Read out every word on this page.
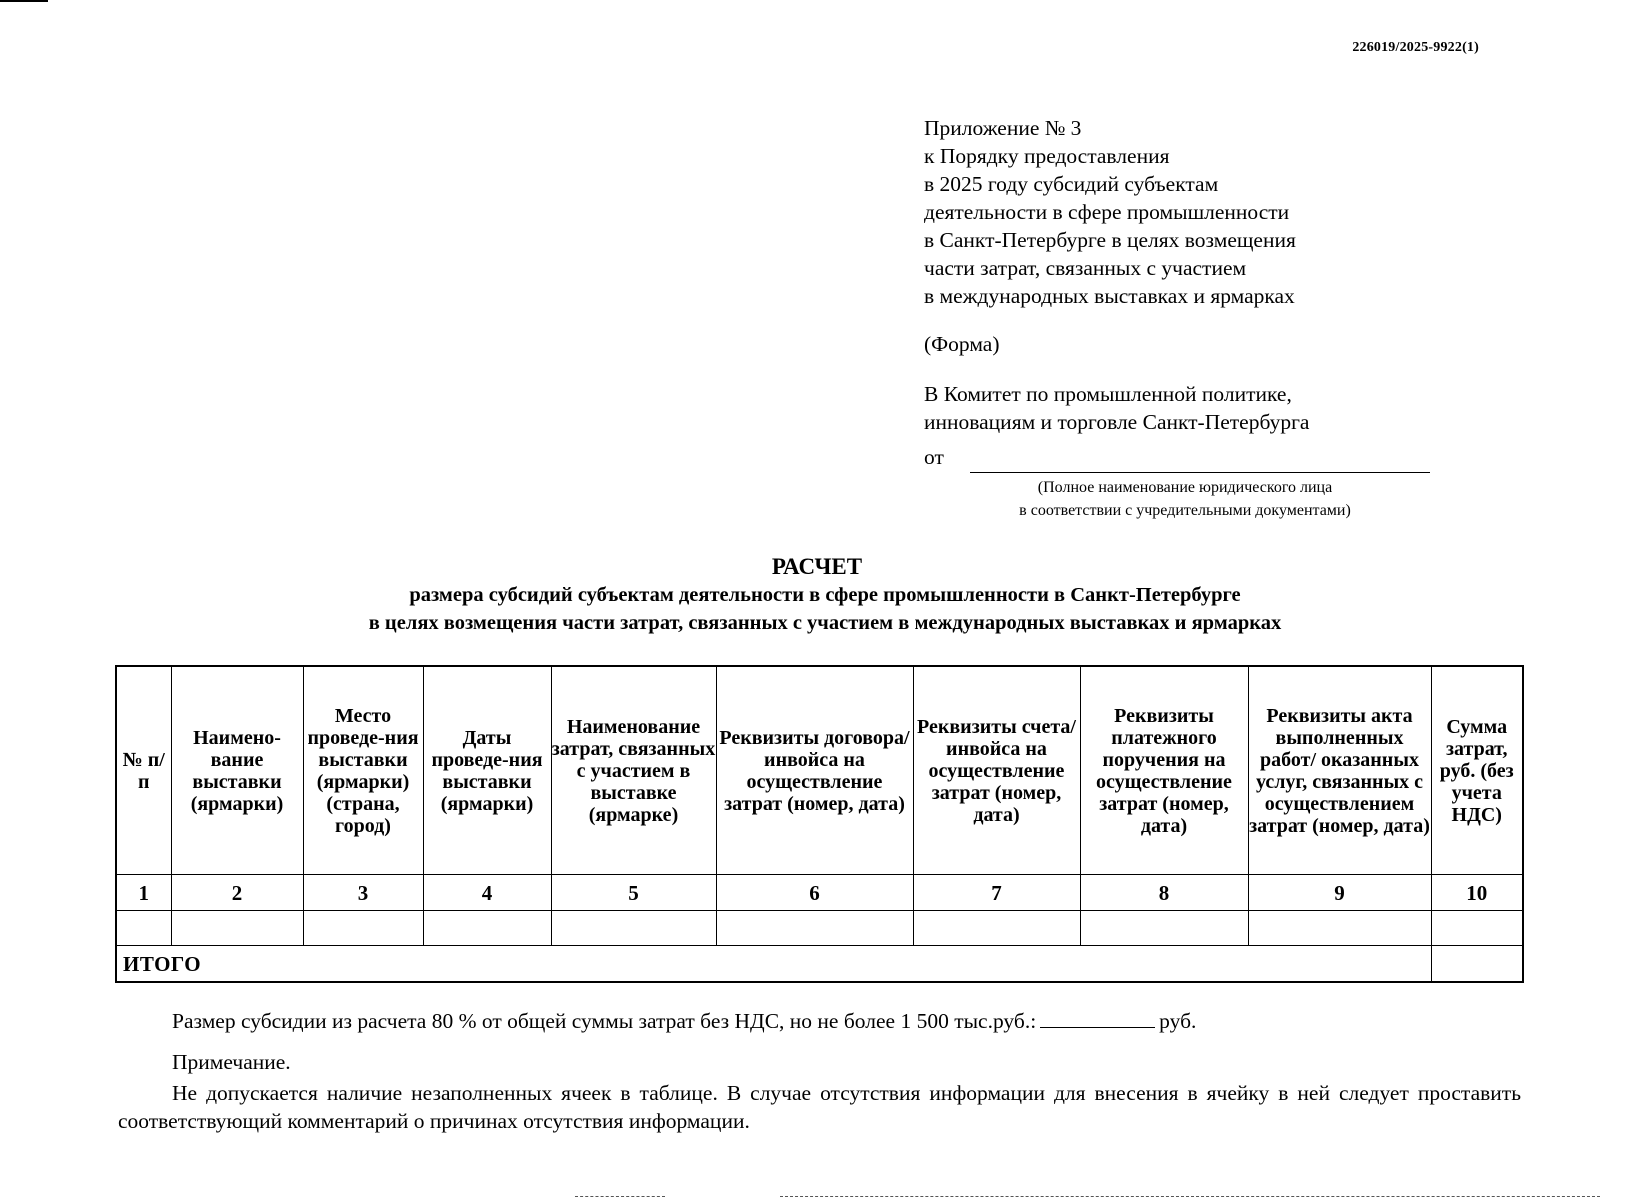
226019/2025-9922(1)
Приложение № 3
к Порядку предоставления
в 2025 году субсидий субъектам
деятельности в сфере промышленности
в Санкт-Петербурге в целях возмещения
части затрат, связанных с участием
в международных выставках и ярмарках
(Форма)
В Комитет по промышленной политике,
инновациям и торговле Санкт-Петербурга
от
(Полное наименование юридического лица
в соответствии с учредительными документами)
РАСЧЕТ
размера субсидий субъектам деятельности в сфере промышленности в Санкт-Петербурге
в целях возмещения части затрат, связанных с участием в международных выставках и ярмарках
№ п/п	Наимено-вание выставки (ярмарки)	Место проведе-ния выставки (ярмарки) (страна, город)	Даты проведе-ния выставки (ярмарки)	Наименование затрат, связанных с участием в выставке (ярмарке)	Реквизиты договора/ инвойса на осуществление затрат (номер, дата)	Реквизиты счета/ инвойса на осуществление затрат (номер, дата)	Реквизиты платежного поручения на осуществление затрат (номер, дата)	Реквизиты акта выполненных работ/ оказанных услуг, связанных с осуществлением затрат (номер, дата)	Сумма затрат, руб. (без учета НДС)
1	2	3	4	5	6	7	8	9	10

ИТОГО									
Размер субсидии из расчета 80 % от общей суммы затрат без НДС, но не более 1 500 тыс.руб.:	руб.
Примечание.
Не допускается наличие незаполненных ячеек в таблице. В случае отсутствия информации для внесения в ячейку в ней следует проставить соответствующий комментарий о причинах отсутствия информации.
